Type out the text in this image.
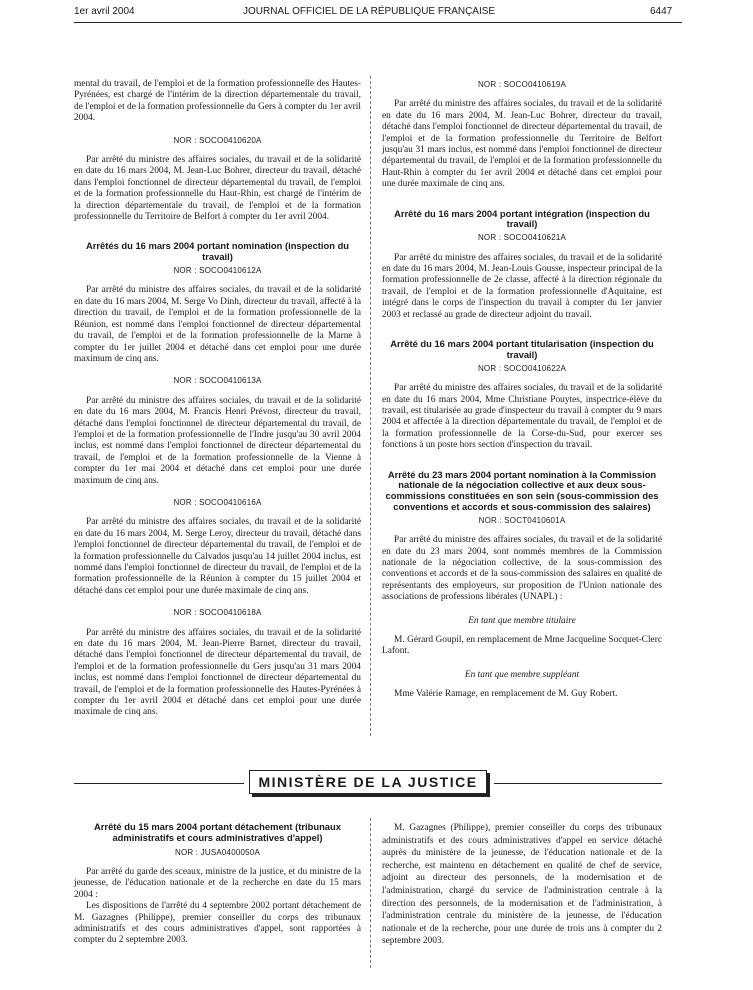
1er avril 2004	JOURNAL OFFICIEL DE LA RÉPUBLIQUE FRANÇAISE	6447

mental du travail, de l'emploi et de la formation professionnelle des Hautes-Pyrénées, est chargé de l'intérim de la direction départementale du travail, de l'emploi et de la formation professionnelle du Gers à compter du 1er avril 2004.

NOR : SOCO0410620A

Par arrêté du ministre des affaires sociales, du travail et de la solidarité en date du 16 mars 2004, M. Jean-Luc Bohrer, directeur du travail, détaché dans l'emploi fonctionnel de directeur départemental du travail, de l'emploi et de la formation professionnelle du Haut-Rhin, est chargé de l'intérim de la direction départementale du travail, de l'emploi et de la formation professionnelle du Territoire de Belfort à compter du 1er avril 2004.

Arrêtés du 16 mars 2004 portant nomination (inspection du travail)
NOR : SOCO0410612A

Par arrêté du ministre des affaires sociales, du travail et de la solidarité en date du 16 mars 2004, M. Serge Vo Dinh, directeur du travail, affecté à la direction du travail, de l'emploi et de la formation professionnelle de la Réunion, est nommé dans l'emploi fonctionnel de directeur départemental du travail, de l'emploi et de la formation professionnelle de la Marne à compter du 1er juillet 2004 et détaché dans cet emploi pour une durée maximum de cinq ans.

NOR : SOCO0410613A

Par arrêté du ministre des affaires sociales, du travail et de la solidarité en date du 16 mars 2004, M. Francis Henri Prévost, directeur du travail, détaché dans l'emploi fonctionnel de directeur départemental du travail, de l'emploi et de la formation professionnelle de l'Indre jusqu'au 30 avril 2004 inclus, est nommé dans l'emploi fonctionnel de directeur départemental du travail, de l'emploi et de la formation professionnelle de la Vienne à compter du 1er mai 2004 et détaché dans cet emploi pour une durée maximum de cinq ans.

NOR : SOCO0410616A

Par arrêté du ministre des affaires sociales, du travail et de la solidarité en date du 16 mars 2004, M. Serge Leroy, directeur du travail, détaché dans l'emploi fonctionnel de directeur départemental du travail, de l'emploi et de la formation professionnelle du Calvados jusqu'au 14 juillet 2004 inclus, est nommé dans l'emploi fonctionnel de directeur du travail, de l'emploi et de la formation professionnelle de la Réunion à compter du 15 juillet 2004 et détaché dans cet emploi pour une durée maximale de cinq ans.

NOR : SOCO0410618A

Par arrêté du ministre des affaires sociales, du travail et de la solidarité en date du 16 mars 2004, M. Jean-Pierre Barnet, directeur du travail, détaché dans l'emploi fonctionnel de directeur départemental du travail, de l'emploi et de la formation professionnelle du Gers jusqu'au 31 mars 2004 inclus, est nommé dans l'emploi fonctionnel de directeur départemental du travail, de l'emploi et de la formation professionnelle des Hautes-Pyrénées à compter du 1er avril 2004 et détaché dans cet emploi pour une durée maximale de cinq ans.

NOR : SOCO0410619A

Par arrêté du ministre des affaires sociales, du travail et de la solidarité en date du 16 mars 2004, M. Jean-Luc Bohrer, directeur du travail, détaché dans l'emploi fonctionnel de directeur départemental du travail, de l'emploi et de la formation professionnelle du Territoire de Belfort jusqu'au 31 mars inclus, est nommé dans l'emploi fonctionnel de directeur départemental du travail, de l'emploi et de la formation professionnelle du Haut-Rhin à compter du 1er avril 2004 et détaché dans cet emploi pour une durée maximale de cinq ans.

Arrêté du 16 mars 2004 portant intégration (inspection du travail)
NOR : SOCO0410621A

Par arrêté du ministre des affaires sociales, du travail et de la solidarité en date du 16 mars 2004, M. Jean-Louis Gousse, inspecteur principal de la formation professionnelle de 2e classe, affecté à la direction régionale du travail, de l'emploi et de la formation professionnelle d'Aquitaine, est intégré dans le corps de l'inspection du travail à compter du 1er janvier 2003 et reclassé au grade de directeur adjoint du travail.

Arrêté du 16 mars 2004 portant titularisation (inspection du travail)
NOR : SOCO0410622A

Par arrêté du ministre des affaires sociales, du travail et de la solidarité en date du 16 mars 2004, Mme Christiane Pouytes, inspectrice-élève du travail, est titularisée au grade d'inspecteur du travail à compter du 9 mars 2004 et affectée à la direction départementale du travail, de l'emploi et de la formation professionnelle de la Corse-du-Sud, pour exercer ses fonctions à un poste hors section d'inspection du travail.

Arrêté du 23 mars 2004 portant nomination à la Commission nationale de la négociation collective et aux deux sous-commissions constituées en son sein (sous-commission des conventions et accords et sous-commission des salaires)
NOR : SOCT0410601A

Par arrêté du ministre des affaires sociales, du travail et de la solidarité en date du 23 mars 2004, sont nommés membres de la Commission nationale de la négociation collective, de la sous-commission des conventions et accords et de la sous-commission des salaires en qualité de représentants des employeurs, sur proposition de l'Union nationale des associations de professions libérales (UNAPL) :

En tant que membre titulaire

M. Gérard Goupil, en remplacement de Mme Jacqueline Socquet-Clerc Lafont.

En tant que membre suppléant

Mme Valérie Ramage, en remplacement de M. Guy Robert.

MINISTÈRE DE LA JUSTICE
Arrêté du 15 mars 2004 portant détachement (tribunaux administratifs et cours administratives d'appel)
NOR : JUSA0400050A

Par arrêté du garde des sceaux, ministre de la justice, et du ministre de la jeunesse, de l'éducation nationale et de la recherche en date du 15 mars 2004 :

Les dispositions de l'arrêté du 4 septembre 2002 portant détachement de M. Gazagnes (Philippe), premier conseiller du corps des tribunaux administratifs et des cours administratives d'appel, sont rapportées à compter du 2 septembre 2003.

M. Gazagnes (Philippe), premier conseiller du corps des tribunaux administratifs et des cours administratives d'appel en service détaché auprès du ministère de la jeunesse, de l'éducation nationale et de la recherche, est maintenu en détachement en qualité de chef de service, adjoint au directeur des personnels, de la modernisation et de l'administration, chargé du service de l'administration centrale à la direction des personnels, de la modernisation et de l'administration, à l'administration centrale du ministère de la jeunesse, de l'éducation nationale et de la recherche, pour une durée de trois ans à compter du 2 septembre 2003.
